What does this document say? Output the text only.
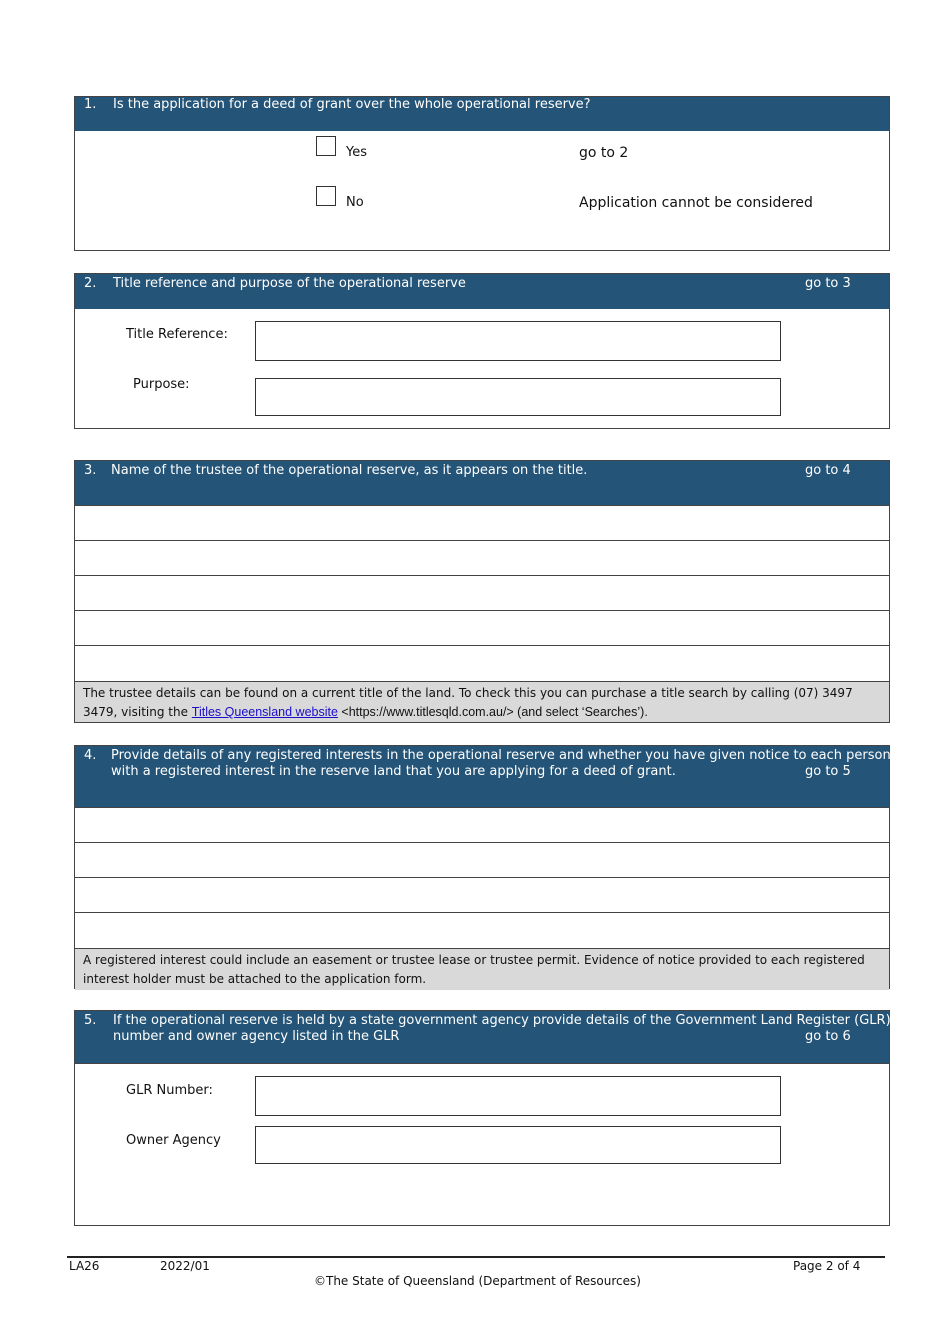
1. Is the application for a deed of grant over the whole operational reserve?
Yes	go to 2
No	Application cannot be considered
2. Title reference and purpose of the operational reserve	go to 3
Title Reference:
Purpose:
3. Name of the trustee of the operational reserve, as it appears on the title.	go to 4
The trustee details can be found on a current title of the land. To check this you can purchase a title search by calling (07) 3497 3479, visiting the Titles Queensland website <https://www.titlesqld.com.au/> (and select ‘Searches’).
4. Provide details of any registered interests in the operational reserve and whether you have given notice to each person
with a registered interest in the reserve land that you are applying for a deed of grant.	go to 5
A registered interest could include an easement or trustee lease or trustee permit. Evidence of notice provided to each registered interest holder must be attached to the application form.
5. If the operational reserve is held by a state government agency provide details of the Government Land Register (GLR)
number and owner agency listed in the GLR	go to 6
GLR Number:
Owner Agency
LA26	2022/01	Page 2 of 4
©The State of Queensland (Department of Resources)
